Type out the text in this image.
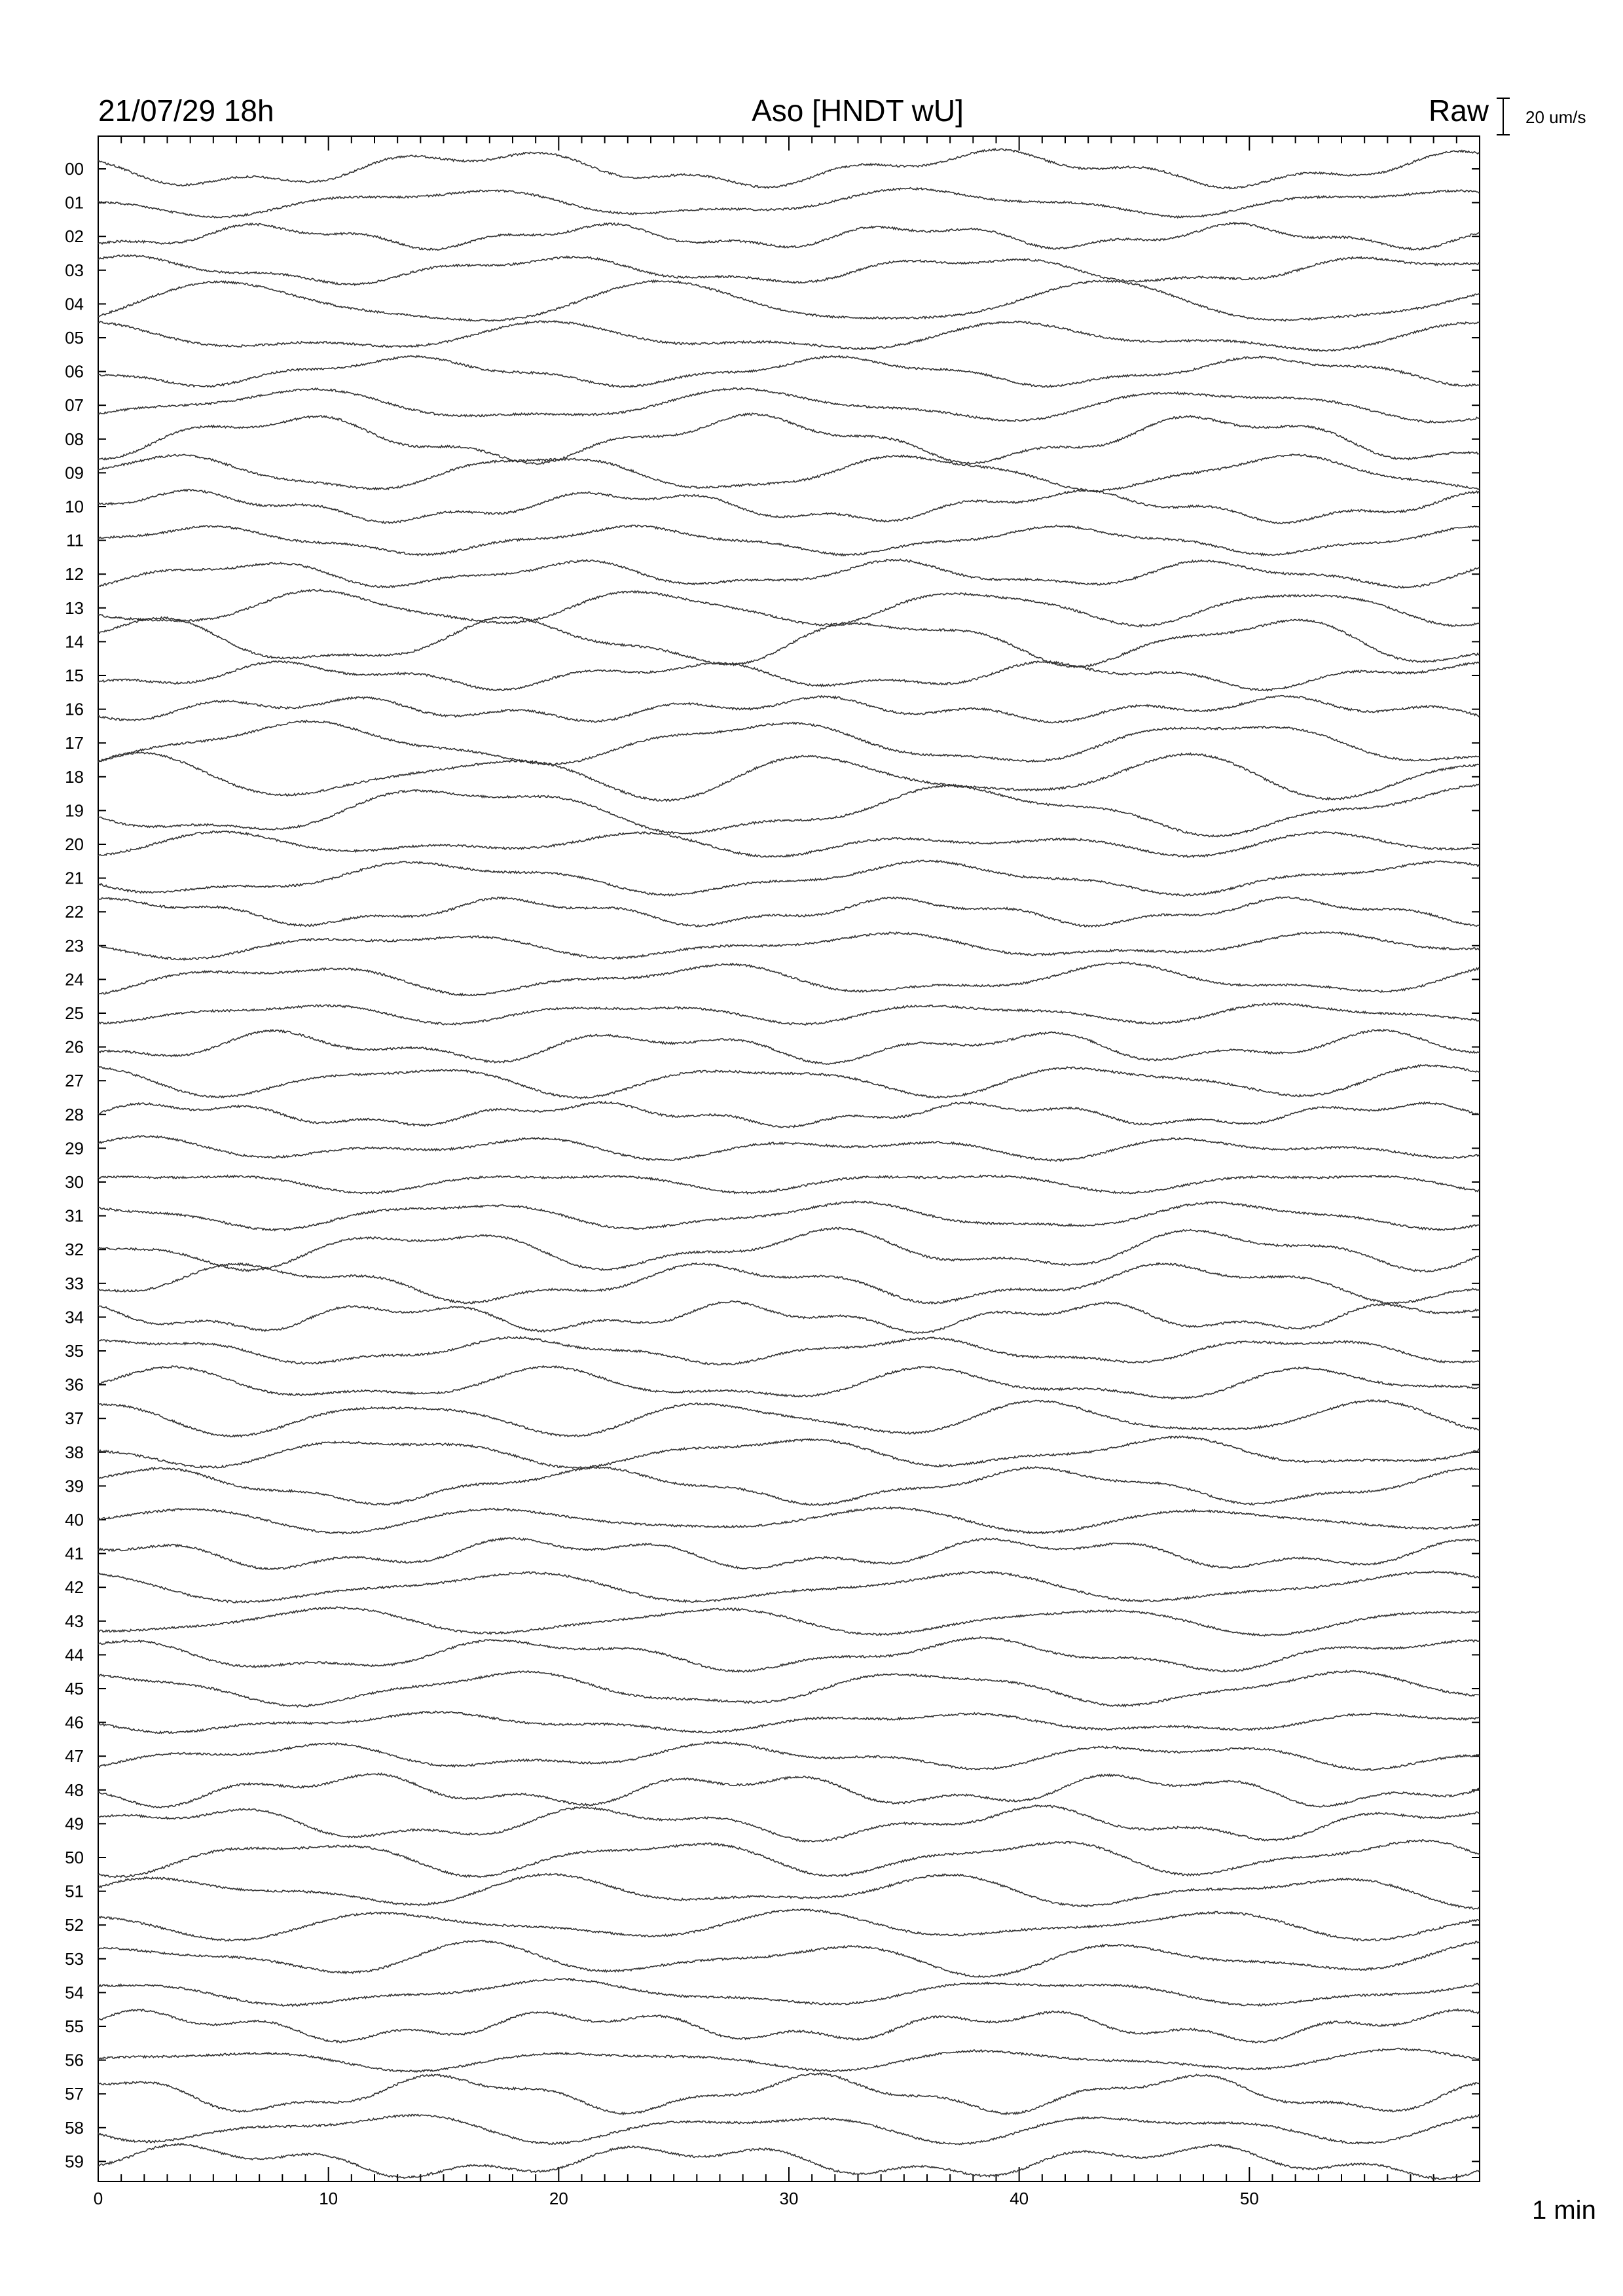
00
01
02
03
04
05
06
07
08
09
10
11
12
13
14
15
16
17
18
19
20
21
22
23
24
25
26
27
28
29
30
31
32
33
34
35
36
37
38
39
40
41
42
43
44
45
46
47
48
49
50
51
52
53
54
55
56
57
58
59
0	10	20	30	40	50
21/07/29 18h	Aso [HNDT wU]	Raw 20 um/s
1 min
